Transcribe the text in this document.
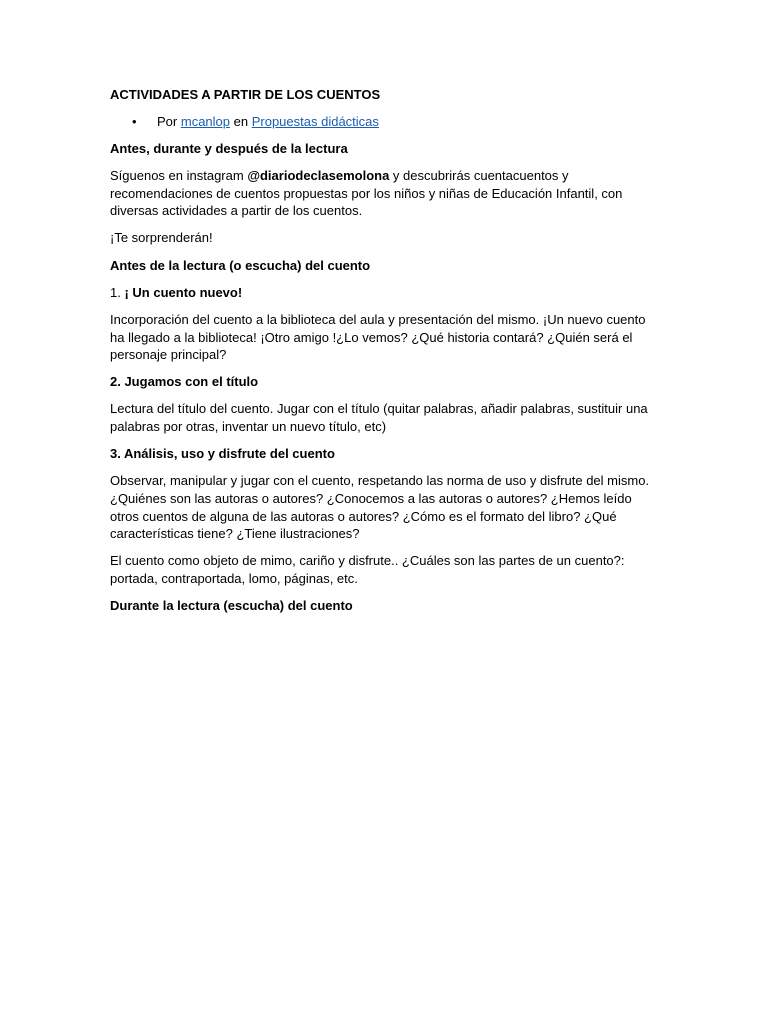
ACTIVIDADES A PARTIR DE LOS CUENTOS
• Por mcanlop en Propuestas didácticas
Antes, durante y después de la lectura
Síguenos en instagram @diariodeclasemolona y descubrirás cuentacuentos y recomendaciones de cuentos propuestas por los niños y niñas de Educación Infantil, con diversas actividades a partir de los cuentos.
¡Te sorprenderán!
Antes de la lectura (o escucha) del cuento
1. ¡ Un cuento nuevo!
Incorporación del cuento a la biblioteca del aula y presentación del mismo. ¡Un nuevo cuento ha llegado a la biblioteca! ¡Otro amigo !¿Lo vemos? ¿Qué historia contará? ¿Quién será el personaje principal?
2. Jugamos con el título
Lectura del título del cuento. Jugar con el título (quitar palabras, añadir palabras, sustituir una palabras por otras, inventar un nuevo título, etc)
3. Análisis, uso y disfrute del cuento
Observar, manipular y jugar con el cuento, respetando las norma de uso y disfrute del mismo. ¿Quiénes son las autoras o autores? ¿Conocemos a las autoras o autores? ¿Hemos leído otros cuentos de alguna de las autoras o autores? ¿Cómo es el formato del libro? ¿Qué características tiene? ¿Tiene ilustraciones?
El cuento como objeto de mimo, cariño y disfrute.. ¿Cuáles son las partes de un cuento?: portada, contraportada, lomo, páginas, etc.
Durante la lectura (escucha) del cuento
